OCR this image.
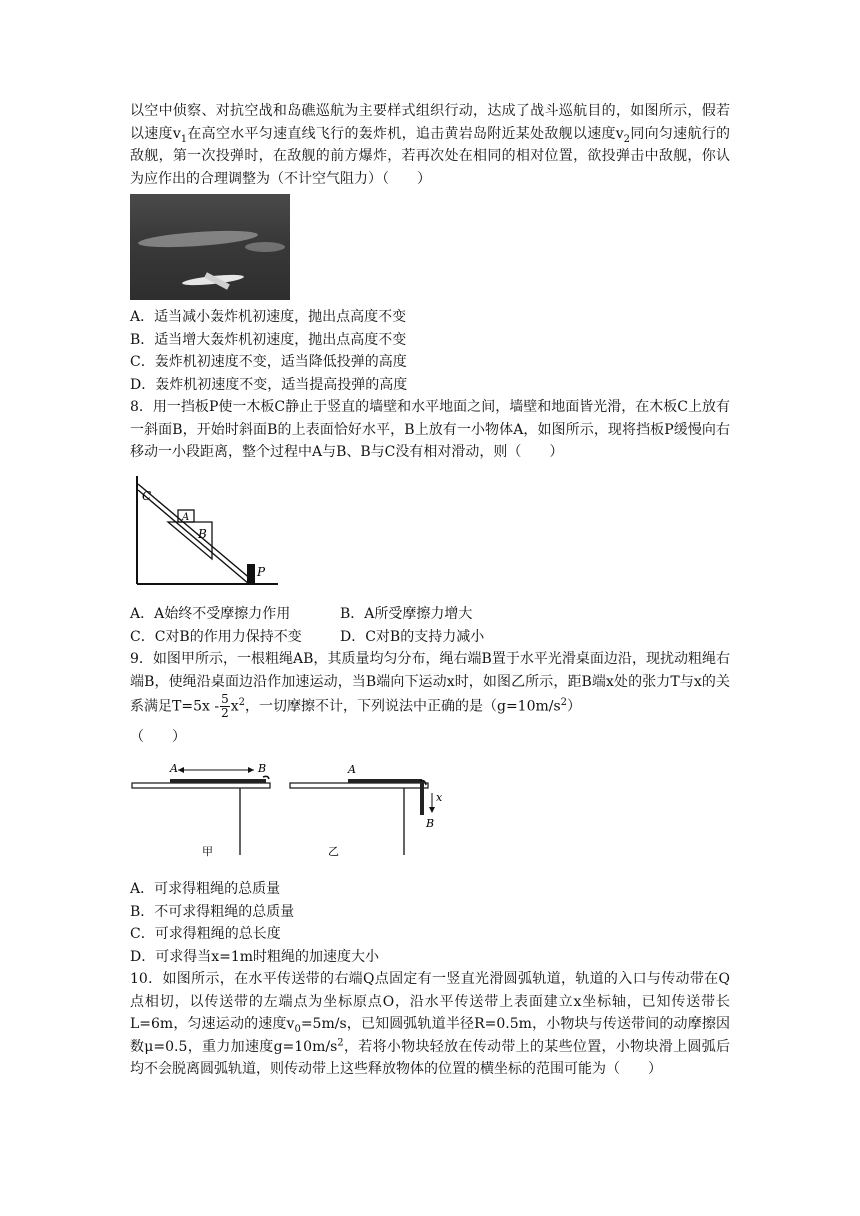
以空中侦察、对抗空战和岛礁巡航为主要样式组织行动，达成了战斗巡航目的，如图所示，假若以速度$v_1$在高空水平匀速直线飞行的轰炸机，追击黄岩岛附近某处敌舰以速度$v_2$同向匀速航行的敌舰，第一次投弹时，在敌舰的前方爆炸，若再次处在相同的相对位置，欲投弹击中敌舰，你认为应作出的合理调整为（不计空气阻力）（　　）

A．适当减小轰炸机初速度，抛出点高度不变

B．适当增大轰炸机初速度，抛出点高度不变

C．轰炸机初速度不变，适当降低投弹的高度

D．轰炸机初速度不变，适当提高投弹的高度

8．用一挡板P使一木板C静止于竖直的墙壁和水平地面之间，墙壁和地面皆光滑，在木板C上放有一斜面B，开始时斜面B的上表面恰好水平，B上放有一小物体A，如图所示，现将挡板P缓慢向右移动一小段距离，整个过程中A与B、B与C没有相对滑动，则（　　）

C
A
B
P
A．A始终不受摩擦力作用	B．A所受摩擦力增大
C．C对B的作用力保持不变	D．C对B的支持力减小

9．如图甲所示，一根粗绳AB，其质量均匀分布，绳右端B置于水平光滑桌面边沿，现扰动粗绳右端B，使绳沿桌面边沿作加速运动，当B端向下运动x时，如图乙所示，距B端x处的张力T与x的关系满足$T=5x - \frac{5}{2} x^2$，一切摩擦不计，下列说法中正确的是$(g=10m/s^2)$

（　　）

A	B
甲
A
x
B
乙

A．可求得粗绳的总质量

B．不可求得粗绳的总质量

C．可求得粗绳的总长度

D．可求得当x=1m时粗绳的加速度大小

10．如图所示，在水平传送带的右端Q点固定有一竖直光滑圆弧轨道，轨道的入口与传动带在Q点相切，以传送带的左端点为坐标原点O，沿水平传送带上表面建立x坐标轴，已知传送带长L=6m，匀速运动的速度$v_0=5m/s$，已知圆弧轨道半径R=0.5m，小物块与传送带间的动摩擦因数μ=0.5，重力加速度$g=10m/s^2$，若将小物块轻放在传动带上的某些位置，小物块滑上圆弧后均不会脱离圆弧轨道，则传动带上这些释放物体的位置的横坐标的范围可能为（　　）
